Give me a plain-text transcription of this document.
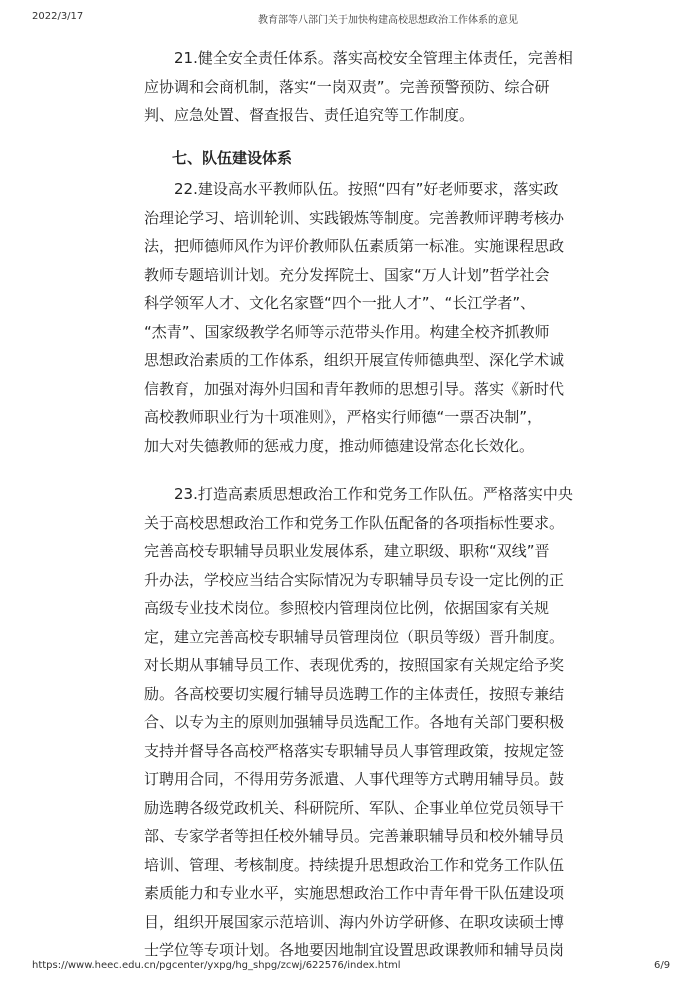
2022/3/17	教育部等八部门关于加快构建高校思想政治工作体系的意见

21.健全安全责任体系。落实高校安全管理主体责任，完善相
应协调和会商机制，落实“一岗双责”。完善预警预防、综合研
判、应急处置、督查报告、责任追究等工作制度。

七、队伍建设体系

22.建设高水平教师队伍。按照“四有”好老师要求，落实政
治理论学习、培训轮训、实践锻炼等制度。完善教师评聘考核办
法，把师德师风作为评价教师队伍素质第一标准。实施课程思政
教师专题培训计划。充分发挥院士、国家“万人计划”哲学社会
科学领军人才、文化名家暨“四个一批人才”、“长江学者”、
“杰青”、国家级教学名师等示范带头作用。构建全校齐抓教师
思想政治素质的工作体系，组织开展宣传师德典型、深化学术诚
信教育，加强对海外归国和青年教师的思想引导。落实《新时代
高校教师职业行为十项准则》，严格实行师德“一票否决制”，
加大对失德教师的惩戒力度，推动师德建设常态化长效化。

23.打造高素质思想政治工作和党务工作队伍。严格落实中央
关于高校思想政治工作和党务工作队伍配备的各项指标性要求。
完善高校专职辅导员职业发展体系，建立职级、职称“双线”晋
升办法，学校应当结合实际情况为专职辅导员专设一定比例的正
高级专业技术岗位。参照校内管理岗位比例，依据国家有关规
定，建立完善高校专职辅导员管理岗位（职员等级）晋升制度。
对长期从事辅导员工作、表现优秀的，按照国家有关规定给予奖
励。各高校要切实履行辅导员选聘工作的主体责任，按照专兼结
合、以专为主的原则加强辅导员选配工作。各地有关部门要积极
支持并督导各高校严格落实专职辅导员人事管理政策，按规定签
订聘用合同，不得用劳务派遣、人事代理等方式聘用辅导员。鼓
励选聘各级党政机关、科研院所、军队、企事业单位党员领导干
部、专家学者等担任校外辅导员。完善兼职辅导员和校外辅导员
培训、管理、考核制度。持续提升思想政治工作和党务工作队伍
素质能力和专业水平，实施思想政治工作中青年骨干队伍建设项
目，组织开展国家示范培训、海内外访学研修、在职攻读硕士博
士学位等专项计划。各地要因地制宜设置思政课教师和辅导员岗

https://www.heec.edu.cn/pgcenter/yxpg/hg_shpg/zcwj/622576/index.html	6/9
